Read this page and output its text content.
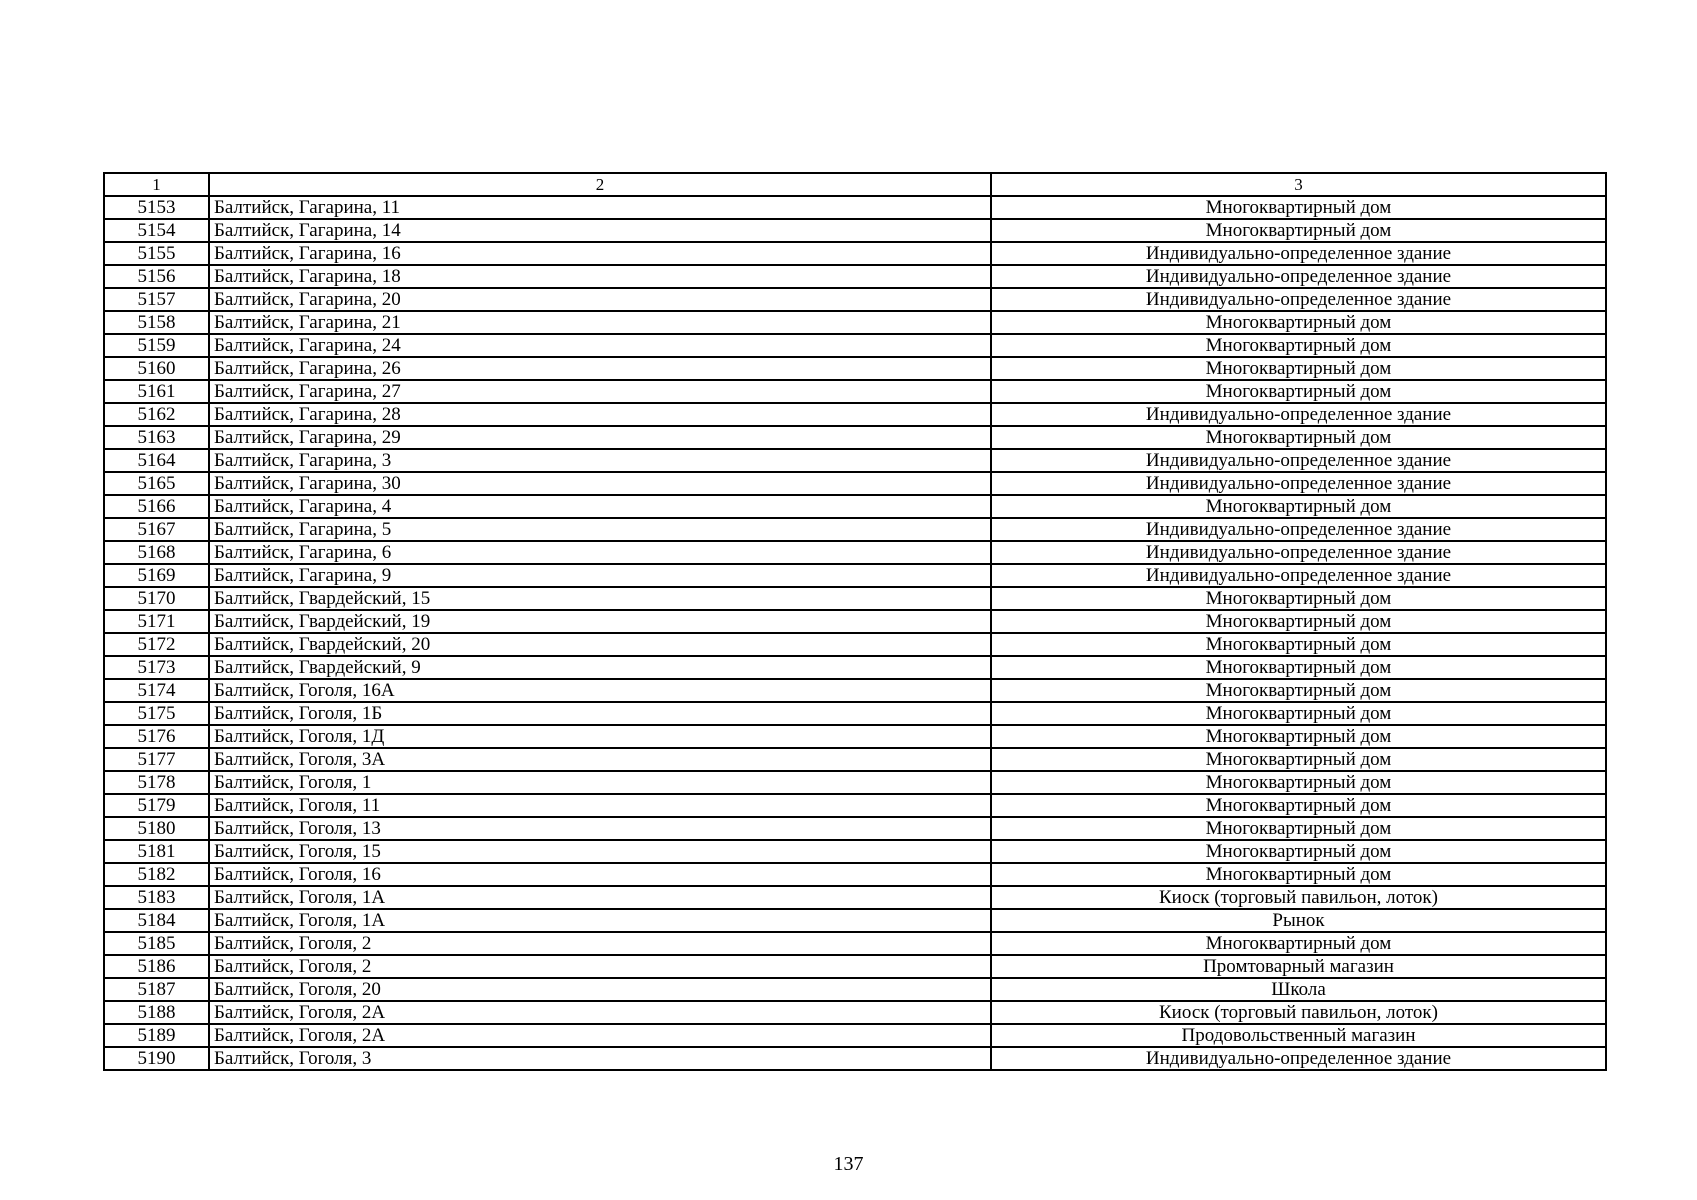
1	2	3
5153	Балтийск, Гагарина, 11	Многоквартирный дом
5154	Балтийск, Гагарина, 14	Многоквартирный дом
5155	Балтийск, Гагарина, 16	Индивидуально-определенное здание
5156	Балтийск, Гагарина, 18	Индивидуально-определенное здание
5157	Балтийск, Гагарина, 20	Индивидуально-определенное здание
5158	Балтийск, Гагарина, 21	Многоквартирный дом
5159	Балтийск, Гагарина, 24	Многоквартирный дом
5160	Балтийск, Гагарина, 26	Многоквартирный дом
5161	Балтийск, Гагарина, 27	Многоквартирный дом
5162	Балтийск, Гагарина, 28	Индивидуально-определенное здание
5163	Балтийск, Гагарина, 29	Многоквартирный дом
5164	Балтийск, Гагарина, 3	Индивидуально-определенное здание
5165	Балтийск, Гагарина, 30	Индивидуально-определенное здание
5166	Балтийск, Гагарина, 4	Многоквартирный дом
5167	Балтийск, Гагарина, 5	Индивидуально-определенное здание
5168	Балтийск, Гагарина, 6	Индивидуально-определенное здание
5169	Балтийск, Гагарина, 9	Индивидуально-определенное здание
5170	Балтийск, Гвардейский, 15	Многоквартирный дом
5171	Балтийск, Гвардейский, 19	Многоквартирный дом
5172	Балтийск, Гвардейский, 20	Многоквартирный дом
5173	Балтийск, Гвардейский, 9	Многоквартирный дом
5174	Балтийск, Гоголя, 16А	Многоквартирный дом
5175	Балтийск, Гоголя, 1Б	Многоквартирный дом
5176	Балтийск, Гоголя, 1Д	Многоквартирный дом
5177	Балтийск, Гоголя, 3А	Многоквартирный дом
5178	Балтийск, Гоголя, 1	Многоквартирный дом
5179	Балтийск, Гоголя, 11	Многоквартирный дом
5180	Балтийск, Гоголя, 13	Многоквартирный дом
5181	Балтийск, Гоголя, 15	Многоквартирный дом
5182	Балтийск, Гоголя, 16	Многоквартирный дом
5183	Балтийск, Гоголя, 1А	Киоск (торговый павильон, лоток)
5184	Балтийск, Гоголя, 1А	Рынок
5185	Балтийск, Гоголя, 2	Многоквартирный дом
5186	Балтийск, Гоголя, 2	Промтоварный магазин
5187	Балтийск, Гоголя, 20	Школа
5188	Балтийск, Гоголя, 2А	Киоск (торговый павильон, лоток)
5189	Балтийск, Гоголя, 2А	Продовольственный магазин
5190	Балтийск, Гоголя, 3	Индивидуально-определенное здание
137
